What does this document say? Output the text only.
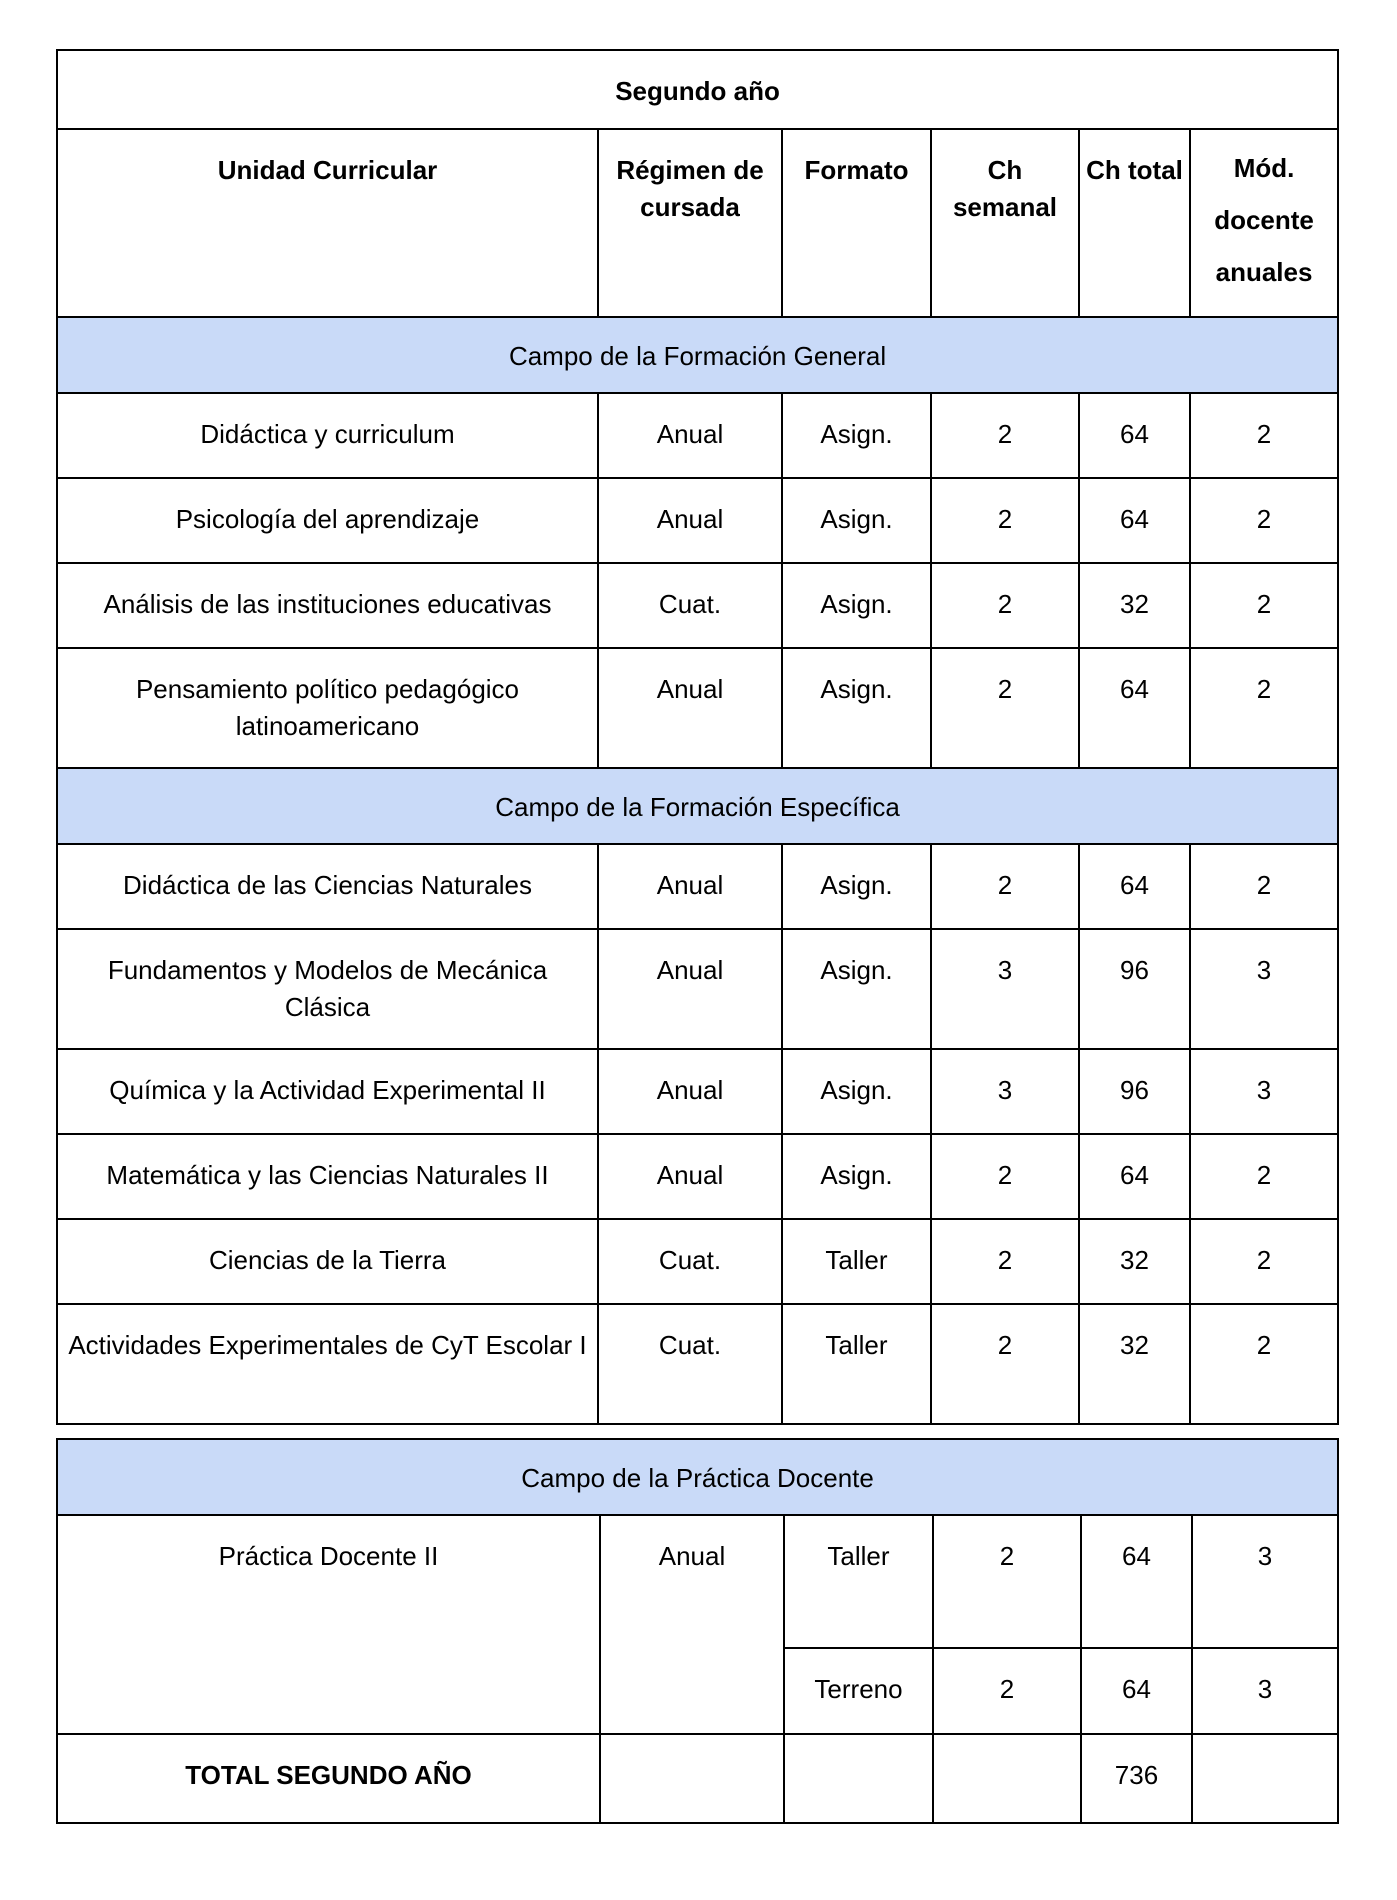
Segundo año					
Unidad Curricular	Régimen de cursada	Formato	Ch semanal	Ch total	Mód. docente anuales
Campo de la Formación General					
Didáctica y curriculum	Anual	Asign.	2	64	2
Psicología del aprendizaje	Anual	Asign.	2	64	2
Análisis de las instituciones educativas	Cuat.	Asign.	2	32	2
Pensamiento político pedagógico latinoamericano	Anual	Asign.	2	64	2
Campo de la Formación Específica					
Didáctica de las Ciencias Naturales	Anual	Asign.	2	64	2
Fundamentos y Modelos de Mecánica Clásica	Anual	Asign.	3	96	3
Química y la Actividad Experimental II	Anual	Asign.	3	96	3
Matemática y las Ciencias Naturales II	Anual	Asign.	2	64	2
Ciencias de la Tierra	Cuat.	Taller	2	32	2
Actividades Experimentales de CyT Escolar I	Cuat.	Taller	2	32	2
Campo de la Práctica Docente					
Práctica Docente II	Anual	Taller	2	64	3
		Terreno	2	64	3
TOTAL SEGUNDO AÑO				736	
